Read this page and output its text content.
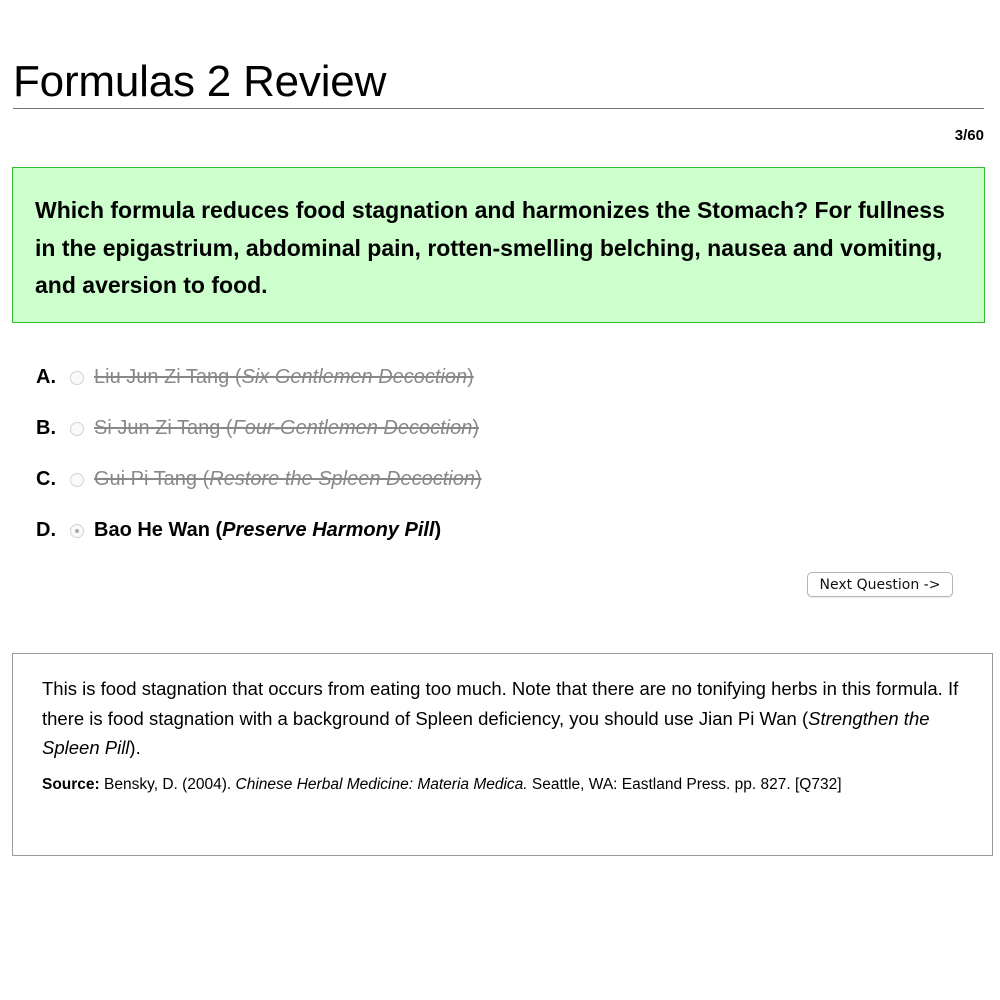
Formulas 2 Review
3/60
Which formula reduces food stagnation and harmonizes the Stomach? For fullness in the epigastrium, abdominal pain, rotten-smelling belching, nausea and vomiting, and aversion to food.
A.	Liu Jun Zi Tang (Six Gentlemen Decoction)
B.	Si Jun Zi Tang (Four-Gentlemen Decoction)
C.	Gui Pi Tang (Restore the Spleen Decoction)
D.	Bao He Wan (Preserve Harmony Pill)
Next Question ->

This is food stagnation that occurs from eating too much. Note that there are no tonifying herbs in this formula. If there is food stagnation with a background of Spleen deficiency, you should use Jian Pi Wan (Strengthen the Spleen Pill).

Source: Bensky, D. (2004). Chinese Herbal Medicine: Materia Medica. Seattle, WA: Eastland Press. pp. 827. [Q732]
